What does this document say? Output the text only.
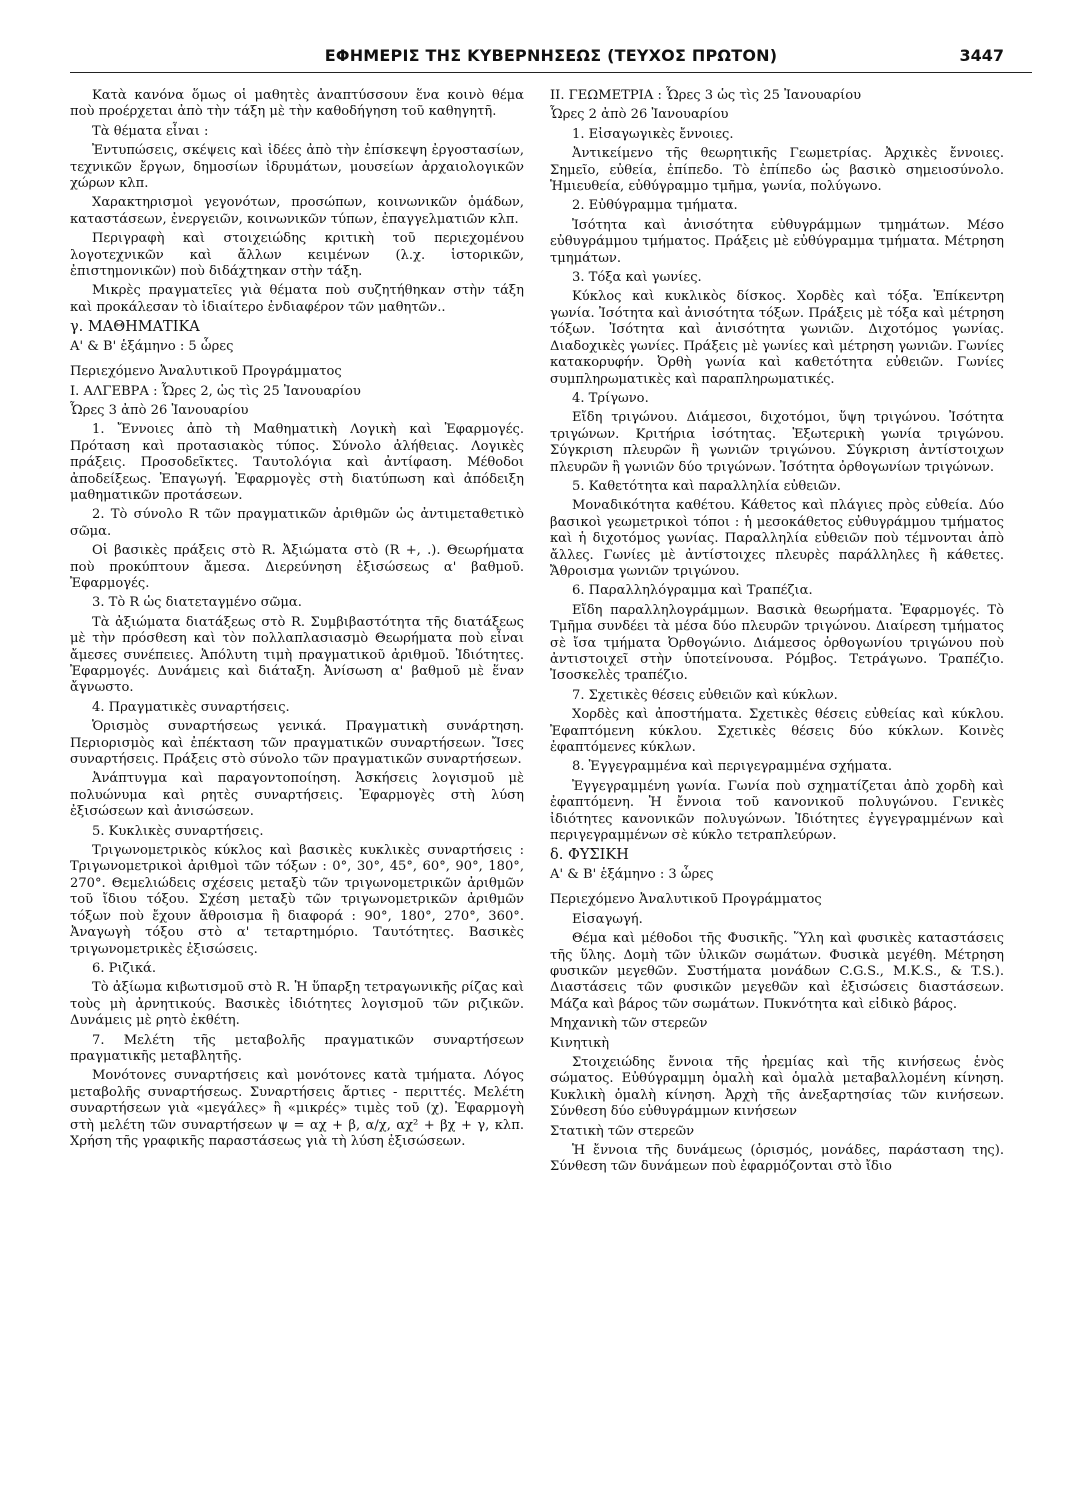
ΕΦΗΜΕΡΙΣ ΤΗΣ ΚΥΒΕΡΝΗΣΕΩΣ (ΤΕΥΧΟΣ ΠΡΩΤΟΝ)	3447

Κατὰ κανόνα ὅμως οἱ μαθητὲς ἀναπτύσσουν ἕνα κοινὸ θέμα ποὺ προέρχεται ἀπὸ τὴν τάξη μὲ τὴν καθοδήγηση τοῦ καθηγητῆ.

Τὰ θέματα εἶναι :

Ἐντυπώσεις, σκέψεις καὶ ἰδέες ἀπὸ τὴν ἐπίσκεψη ἐργοστασίων, τεχνικῶν ἔργων, δημοσίων ἱδρυμάτων, μουσείων ἀρχαιολογικῶν χώρων κλπ.

Χαρακτηρισμοὶ γεγονότων, προσώπων, κοινωνικῶν ὁμάδων, καταστάσεων, ἐνεργειῶν, κοινωνικῶν τύπων, ἐπαγγελματιῶν κλπ.

Περιγραφὴ καὶ στοιχειώδης κριτικὴ τοῦ περιεχομένου λογοτεχνικῶν καὶ ἄλλων κειμένων (λ.χ. ἱστορικῶν, ἐπιστημονικῶν) ποὺ διδάχτηκαν στὴν τάξη.

Μικρὲς πραγματεῖες γιὰ θέματα ποὺ συζητήθηκαν στὴν τάξη καὶ προκάλεσαν τὸ ἰδιαίτερο ἐνδιαφέρον τῶν μαθητῶν..

γ. ΜΑΘΗΜΑΤΙΚΑ

Α' & Β' ἑξάμηνο : 5 ὧρες

Περιεχόμενο Ἀναλυτικοῦ Προγράμματος

Ι. ΑΛΓΕΒΡΑ : Ὧρες 2, ὡς τὶς 25 Ἰανουαρίου

Ὧρες 3 ἀπὸ 26 Ἰανουαρίου

1. Ἔννοιες ἀπὸ τὴ Μαθηματικὴ Λογικὴ καὶ Ἐφαρμογές. Πρόταση καὶ προτασιακὸς τύπος. Σύνολο ἀλήθειας. Λογικὲς πράξεις. Προσοδεῖκτες. Ταυτολόγια καὶ ἀντίφαση. Μέθοδοι ἀποδείξεως. Ἐπαγωγή. Ἐφαρμογὲς στὴ διατύπωση καὶ ἀπόδειξη μαθηματικῶν προτάσεων.

2. Τὸ σύνολο R τῶν πραγματικῶν ἀριθμῶν ὡς ἀντιμεταθετικὸ σῶμα.

Οἱ βασικὲς πράξεις στὸ R. Ἀξιώματα στὸ (R +, .). Θεωρήματα ποὺ προκύπτουν ἄμεσα. Διερεύνηση ἐξισώσεως α' βαθμοῦ. Ἐφαρμογές.

3. Τὸ R ὡς διατεταγμένο σῶμα.

Τὰ ἀξιώματα διατάξεως στὸ R. Συμβιβαστότητα τῆς διατάξεως μὲ τὴν πρόσθεση καὶ τὸν πολλαπλασιασμὸ Θεωρήματα ποὺ εἶναι ἄμεσες συνέπειες. Ἀπόλυτη τιμὴ πραγματικοῦ ἀριθμοῦ. Ἰδιότητες. Ἐφαρμογές. Δυνάμεις καὶ διάταξη. Ἀνίσωση α' βαθμοῦ μὲ ἕναν ἄγνωστο.

4. Πραγματικὲς συναρτήσεις.

Ὁρισμὸς συναρτήσεως γενικά. Πραγματικὴ συνάρτηση. Περιορισμὸς καὶ ἐπέκταση τῶν πραγματικῶν συναρτήσεων. Ἴσες συναρτήσεις. Πράξεις στὸ σύνολο τῶν πραγματικῶν συναρτήσεων.

Ἀνάπτυγμα καὶ παραγοντοποίηση. Ἀσκήσεις λογισμοῦ μὲ πολυώνυμα καὶ ρητὲς συναρτήσεις. Ἐφαρμογὲς στὴ λύση ἐξισώσεων καὶ ἀνισώσεων.

5. Κυκλικὲς συναρτήσεις.

Τριγωνομετρικὸς κύκλος καὶ βασικὲς κυκλικὲς συναρτήσεις : Τριγωνομετρικοὶ ἀριθμοὶ τῶν τόξων : 0°, 30°, 45°, 60°, 90°, 180°, 270°. Θεμελιώδεις σχέσεις μεταξὺ τῶν τριγωνομετρικῶν ἀριθμῶν τοῦ ἴδιου τόξου. Σχέση μεταξὺ τῶν τριγωνομετρικῶν ἀριθμῶν τόξων ποὺ ἔχουν ἄθροισμα ἢ διαφορά : 90°, 180°, 270°, 360°. Ἀναγωγὴ τόξου στὸ α' τεταρτημόριο. Ταυτότητες. Βασικὲς τριγωνομετρικὲς ἐξισώσεις.

6. Ριζικά.

Τὸ ἀξίωμα κιβωτισμοῦ στὸ R. Ἡ ὕπαρξη τετραγωνικῆς ρίζας καὶ τοὺς μὴ ἀρνητικούς. Βασικὲς ἰδιότητες λογισμοῦ τῶν ριζικῶν. Δυνάμεις μὲ ρητὸ ἐκθέτη.

7. Μελέτη τῆς μεταβολῆς πραγματικῶν συναρτήσεων πραγματικῆς μεταβλητῆς.

Μονότονες συναρτήσεις καὶ μονότονες κατὰ τμήματα. Λόγος μεταβολῆς συναρτήσεως. Συναρτήσεις ἄρτιες - περιττές. Μελέτη συναρτήσεων γιὰ «μεγάλες» ἢ «μικρές» τιμὲς τοῦ (χ). Ἐφαρμογὴ στὴ μελέτη τῶν συναρτήσεων ψ = αχ + β, α/χ, αχ² + βχ + γ, κλπ. Χρήση τῆς γραφικῆς παραστάσεως γιὰ τὴ λύση ἐξισώσεων.

ΙΙ. ΓΕΩΜΕΤΡΙΑ : Ὧρες 3 ὡς τὶς 25 Ἰανουαρίου

Ὧρες 2 ἀπὸ 26 Ἰανουαρίου

1. Εἰσαγωγικὲς ἔννοιες.

Ἀντικείμενο τῆς θεωρητικῆς Γεωμετρίας. Ἀρχικὲς ἔννοιες. Σημεῖο, εὐθεία, ἐπίπεδο. Τὸ ἐπίπεδο ὡς βασικὸ σημειοσύνολο. Ἡμιευθεία, εὐθύγραμμο τμῆμα, γωνία, πολύγωνο.

2. Εὐθύγραμμα τμήματα.

Ἰσότητα καὶ ἀνισότητα εὐθυγράμμων τμημάτων. Μέσο εὐθυγράμμου τμήματος. Πράξεις μὲ εὐθύγραμμα τμήματα. Μέτρηση τμημάτων.

3. Τόξα καὶ γωνίες.

Κύκλος καὶ κυκλικὸς δίσκος. Χορδὲς καὶ τόξα. Ἐπίκεντρη γωνία. Ἰσότητα καὶ ἀνισότητα τόξων. Πράξεις μὲ τόξα καὶ μέτρηση τόξων. Ἰσότητα καὶ ἀνισότητα γωνιῶν. Διχοτόμος γωνίας. Διαδοχικὲς γωνίες. Πράξεις μὲ γωνίες καὶ μέτρηση γωνιῶν. Γωνίες κατακορυφήν. Ὀρθὴ γωνία καὶ καθετότητα εὐθειῶν. Γωνίες συμπληρωματικὲς καὶ παραπληρωματικές.

4. Τρίγωνο.

Εἴδη τριγώνου. Διάμεσοι, διχοτόμοι, ὕψη τριγώνου. Ἰσότητα τριγώνων. Κριτήρια ἰσότητας. Ἐξωτερικὴ γωνία τριγώνου. Σύγκριση πλευρῶν ἢ γωνιῶν τριγώνου. Σύγκριση ἀντίστοιχων πλευρῶν ἢ γωνιῶν δύο τριγώνων. Ἰσότητα ὀρθογωνίων τριγώνων.

5. Καθετότητα καὶ παραλληλία εὐθειῶν.

Μοναδικότητα καθέτου. Κάθετος καὶ πλάγιες πρὸς εὐθεία. Δύο βασικοὶ γεωμετρικοὶ τόποι : ἡ μεσοκάθετος εὐθυγράμμου τμήματος καὶ ἡ διχοτόμος γωνίας. Παραλληλία εὐθειῶν ποὺ τέμνονται ἀπὸ ἄλλες. Γωνίες μὲ ἀντίστοιχες πλευρὲς παράλληλες ἢ κάθετες. Ἄθροισμα γωνιῶν τριγώνου.

6. Παραλληλόγραμμα καὶ Τραπέζια.

Εἴδη παραλληλογράμμων. Βασικὰ θεωρήματα. Ἐφαρμογές. Τὸ Τμῆμα συνδέει τὰ μέσα δύο πλευρῶν τριγώνου. Διαίρεση τμήματος σὲ ἴσα τμήματα Ὀρθογώνιο. Διάμεσος ὀρθογωνίου τριγώνου ποὺ ἀντιστοιχεῖ στὴν ὑποτείνουσα. Ρόμβος. Τετράγωνο. Τραπέζιο. Ἰσοσκελὲς τραπέζιο.

7. Σχετικὲς θέσεις εὐθειῶν καὶ κύκλων.

Χορδὲς καὶ ἀποστήματα. Σχετικὲς θέσεις εὐθείας καὶ κύκλου. Ἐφαπτόμενη κύκλου. Σχετικὲς θέσεις δύο κύκλων. Κοινὲς ἐφαπτόμενες κύκλων.

8. Ἐγγεγραμμένα καὶ περιγεγραμμένα σχήματα.

Ἐγγεγραμμένη γωνία. Γωνία ποὺ σχηματίζεται ἀπὸ χορδὴ καὶ ἐφαπτόμενη. Ἡ ἔννοια τοῦ κανονικοῦ πολυγώνου. Γενικὲς ἰδιότητες κανονικῶν πολυγώνων. Ἰδιότητες ἐγγεγραμμένων καὶ περιγεγραμμένων σὲ κύκλο τετραπλεύρων.

δ. ΦΥΣΙΚΗ

Α' & Β' ἑξάμηνο : 3 ὧρες

Περιεχόμενο Ἀναλυτικοῦ Προγράμματος

Εἰσαγωγή.

Θέμα καὶ μέθοδοι τῆς Φυσικῆς. Ὕλη καὶ φυσικὲς καταστάσεις τῆς ὕλης. Δομὴ τῶν ὑλικῶν σωμάτων. Φυσικὰ μεγέθη. Μέτρηση φυσικῶν μεγεθῶν. Συστήματα μονάδων C.G.S., M.K.S., & T.S.). Διαστάσεις τῶν φυσικῶν μεγεθῶν καὶ ἐξισώσεις διαστάσεων. Μάζα καὶ βάρος τῶν σωμάτων. Πυκνότητα καὶ εἰδικὸ βάρος.

Μηχανικὴ τῶν στερεῶν

Κινητικὴ

Στοιχειώδης ἔννοια τῆς ἠρεμίας καὶ τῆς κινήσεως ἑνὸς σώματος. Εὐθύγραμμη ὁμαλὴ καὶ ὁμαλὰ μεταβαλλομένη κίνηση. Κυκλικὴ ὁμαλὴ κίνηση. Ἀρχὴ τῆς ἀνεξαρτησίας τῶν κινήσεων. Σύνθεση δύο εὐθυγράμμων κινήσεων

Στατικὴ τῶν στερεῶν

Ἡ ἔννοια τῆς δυνάμεως (ὁρισμός, μονάδες, παράσταση της). Σύνθεση τῶν δυνάμεων ποὺ ἐφαρμόζονται στὸ ἴδιο
